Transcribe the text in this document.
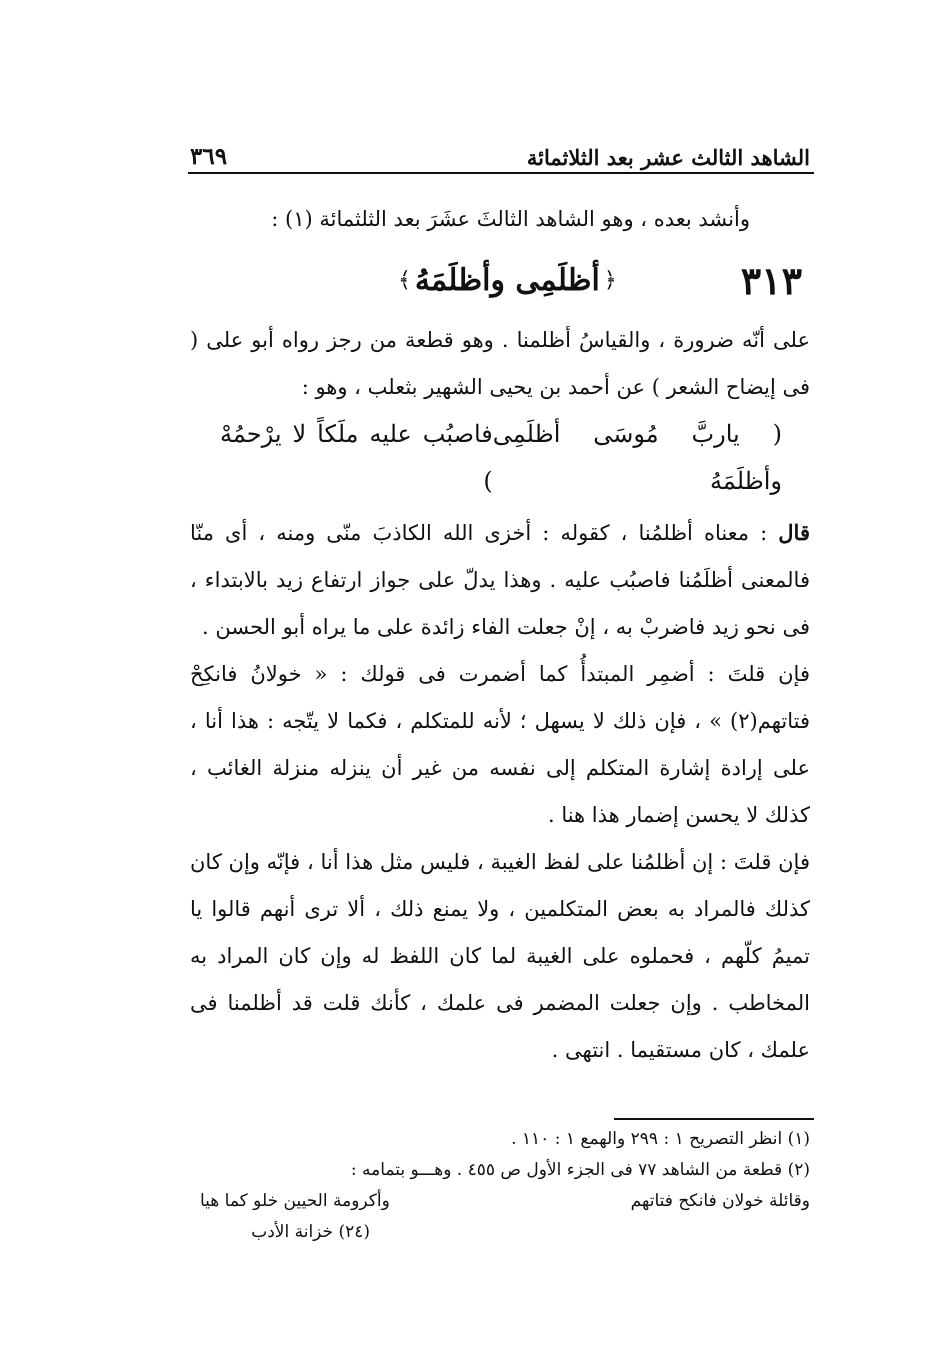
الشاهد الثالث عشر بعد الثلاثمائة
٣٦٩

وأنشد بعده ، وهو الشاهد الثالثَ عشَرَ بعد الثلثمائة (١) :

٣١٣
﴿
أظلَمِى وأظلَمَهُ
﴾

على أنّه ضرورة ، والقياسُ أظلمنا . وهو قطعة من رجز رواه أبو على ( فى إيضاح الشعر ) عن أحمد بن يحيى الشهير بثعلب ، وهو :

( ياربَّ مُوسَى أظلَمِى وأظلَمَهُ
فاصبُب عليه ملَكاً لا يرْحمُهْ )

قال : معناه أظلمُنا ، كقوله : أخزى الله الكاذبَ منّى ومنه ، أى منّا فالمعنى أظلَمُنا فاصبُب عليه . وهذا يدلّ على جواز ارتفاع زيد بالابتداء ، فى نحو زيد فاضربْ به ، إنْ جعلت الفاء زائدة على ما يراه أبو الحسن .

فإن قلتَ : أضمِر المبتدأُ كما أضمرت فى قولك : « خولانُ فانكِحْ فتاتهم(٢) » ، فإن ذلك لا يسهل ؛ لأنه للمتكلم ، فكما لا يتّجه : هذا أنا ، على إرادة إشارة المتكلم إلى نفسه من غير أن ينزله منزلة الغائب ، كذلك لا يحسن إضمار هذا هنا .

فإن قلتَ : إن أظلمُنا على لفظ الغيبة ، فليس مثل هذا أنا ، فإنّه وإن كان كذلك فالمراد به بعض المتكلمين ، ولا يمنع ذلك ، ألا ترى أنهم قالوا يا تميمُ كلّهم ، فحملوه على الغيبة لما كان اللفظ له وإن كان المراد به المخاطب . وإن جعلت المضمر فى علمك ، كأنك قلت قد أظلمنا فى علمك ، كان مستقيما . انتهى .

(١) انظر التصريح ١ : ٢٩٩ والهمع ١ : ١١٠ .

(٢) قطعة من الشاهد ٧٧ فى الجزء الأول ص ٤٥٥ . وهـــو بتمامه :

وقائلة خولان فانكح فتاتهم
وأكرومة الحيين خلو كما هيا

(٢٤) خزانة الأدب
